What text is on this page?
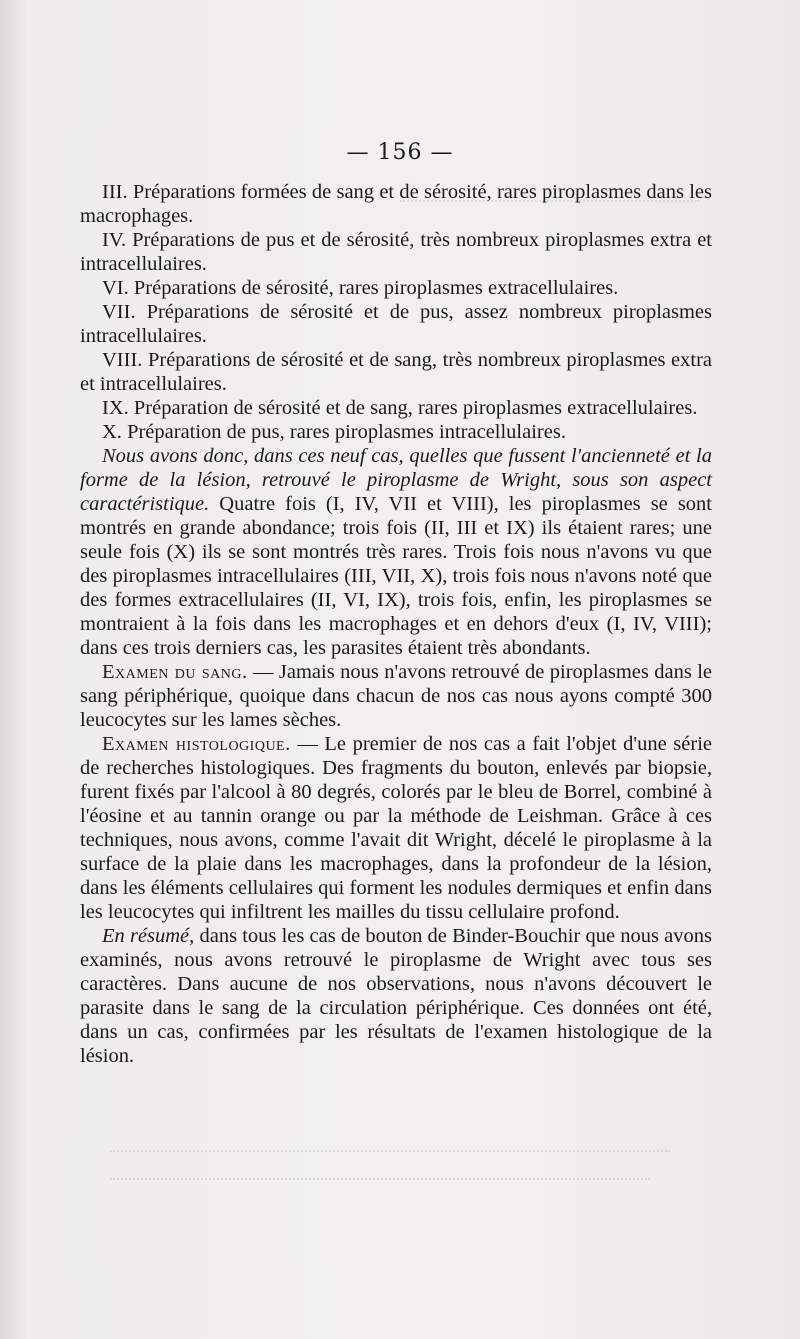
— 156 —

III. Préparations formées de sang et de sérosité, rares piroplasmes dans les macrophages.

IV. Préparations de pus et de sérosité, très nombreux piroplasmes extra et intracellulaires.

VI. Préparations de sérosité, rares piroplasmes extracellulaires.

VII. Préparations de sérosité et de pus, assez nombreux piroplasmes intracellulaires.

VIII. Préparations de sérosité et de sang, très nombreux piroplasmes extra et intracellulaires.

IX. Préparation de sérosité et de sang, rares piroplasmes extracellulaires.

X. Préparation de pus, rares piroplasmes intracellulaires.

Nous avons donc, dans ces neuf cas, quelles que fussent l'ancienneté et la forme de la lésion, retrouvé le piroplasme de Wright, sous son aspect caractéristique. Quatre fois (I, IV, VII et VIII), les piroplasmes se sont montrés en grande abondance; trois fois (II, III et IX) ils étaient rares; une seule fois (X) ils se sont montrés très rares. Trois fois nous n'avons vu que des piroplasmes intracellulaires (III, VII, X), trois fois nous n'avons noté que des formes extracellulaires (II, VI, IX), trois fois, enfin, les piroplasmes se montraient à la fois dans les macrophages et en dehors d'eux (I, IV, VIII); dans ces trois derniers cas, les parasites étaient très abondants.

Examen du sang. — Jamais nous n'avons retrouvé de piroplasmes dans le sang périphérique, quoique dans chacun de nos cas nous ayons compté 300 leucocytes sur les lames sèches.

Examen histologique. — Le premier de nos cas a fait l'objet d'une série de recherches histologiques. Des fragments du bouton, enlevés par biopsie, furent fixés par l'alcool à 80 degrés, colorés par le bleu de Borrel, combiné à l'éosine et au tannin orange ou par la méthode de Leishman. Grâce à ces techniques, nous avons, comme l'avait dit Wright, décelé le piroplasme à la surface de la plaie dans les macrophages, dans la profondeur de la lésion, dans les éléments cellulaires qui forment les nodules dermiques et enfin dans les leucocytes qui infiltrent les mailles du tissu cellulaire profond.

En résumé, dans tous les cas de bouton de Binder-Bouchir que nous avons examinés, nous avons retrouvé le piroplasme de Wright avec tous ses caractères. Dans aucune de nos observations, nous n'avons découvert le parasite dans le sang de la circulation périphérique. Ces données ont été, dans un cas, confirmées par les résultats de l'examen histologique de la lésion.
